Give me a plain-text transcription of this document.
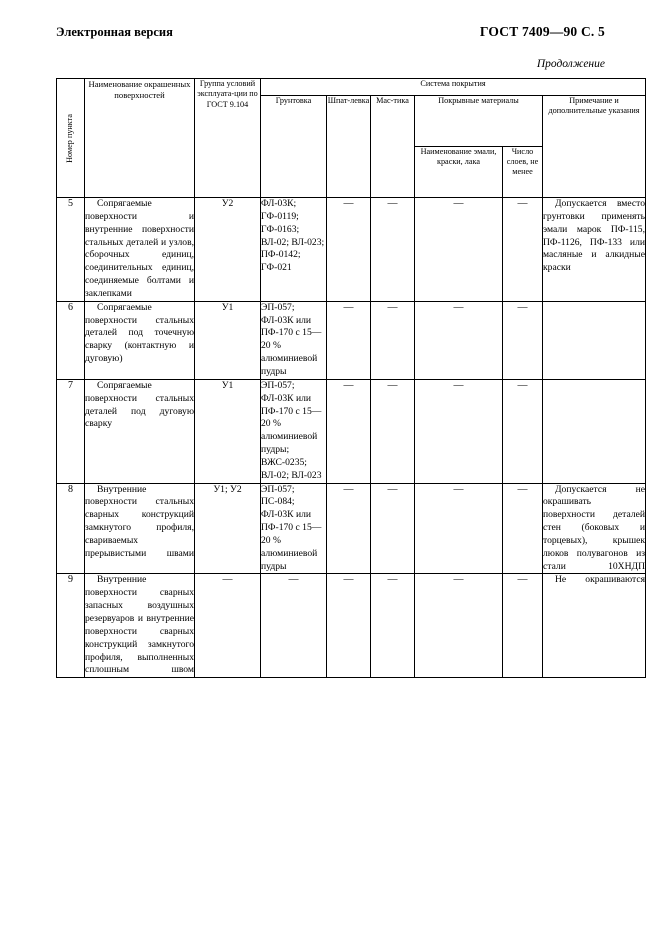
Электронная версия	ГОСТ 7409—90 С. 5
Продолжение
Номер пункта	Наименование окрашенных поверхностей	Группа условий эксплуата-ции по ГОСТ 9.104	Система покрытия					
			Грунтовка	Шпат-левка	Мас-тика	Покрывные материалы		Примечание и дополнительные указания
						Наименование эмали, краски, лака	Число слоев, не менее	

5	Сопрягаемые поверхности и внутренние поверхности стальных деталей и узлов, сборочных единиц, соединительных единиц, соединяемые болтами и заклепками	У2	ФЛ-03К; ГФ-0119; ГФ-0163; ВЛ-02; ВЛ-023; ПФ-0142; ГФ-021	—	—	—	—	Допускается вместо грунтовки применять эмали марок ПФ-115, ПФ-1126, ПФ-133 или масляные и алкидные краски

6	Сопрягаемые поверхности стальных деталей под точечную сварку (контактную и дуговую)	У1	ЭП-057; ФЛ-03К или ПФ-170 с 15—20 % алюминиевой пудры	—	—	—	—	

7	Сопрягаемые поверхности стальных деталей под дуговую сварку	У1	ЭП-057; ФЛ-03К или ПФ-170 с 15—20 % алюминиевой пудры; ВЖС-0235; ВЛ-02; ВЛ-023	—	—	—	—	

8	Внутренние поверхности стальных сварных конструкций замкнутого профиля, свариваемых прерывистыми швами	У1; У2	ЭП-057; ПС-084; ФЛ-03К или ПФ-170 с 15—20 % алюминиевой пудры	—	—	—	—	Допускается не окрашивать поверхности деталей стен (боковых и торцевых), крышек люков полувагонов из стали 10ХНДП

9	Внутренние поверхности сварных запасных воздушных резервуаров и внутренние поверхности сварных конструкций замкнутого профиля, выполненных сплошным швом	—	—	—	—	—	—	Не окрашиваются
